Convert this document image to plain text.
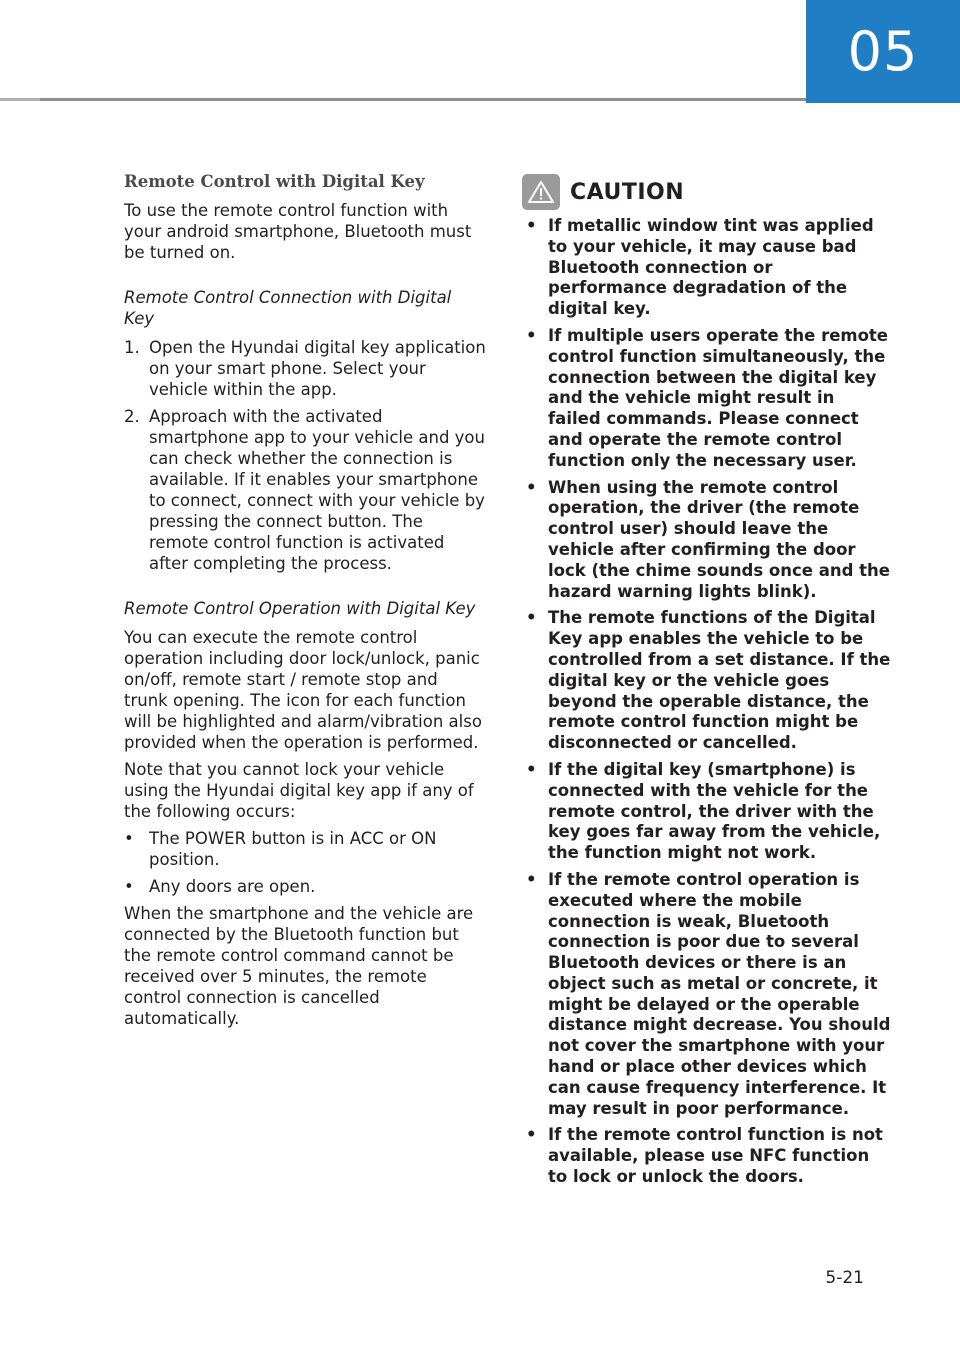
05
Remote Control with Digital Key

To use the remote control function with your android smartphone, Bluetooth must be turned on.

Remote Control Connection with Digital Key
1. Open the Hyundai digital key application on your smart phone. Select your vehicle within the app.
2. Approach with the activated smartphone app to your vehicle and you can check whether the connection is available. If it enables your smartphone to connect, connect with your vehicle by pressing the connect button. The remote control function is activated after completing the process.
Remote Control Operation with Digital Key

You can execute the remote control operation including door lock/unlock, panic on/off, remote start / remote stop and trunk opening. The icon for each function will be highlighted and alarm/vibration also provided when the operation is performed.

Note that you cannot lock your vehicle using the Hyundai digital key app if any of the following occurs:

• The POWER button is in ACC or ON position.
• Any doors are open.

When the smartphone and the vehicle are connected by the Bluetooth function but the remote control command cannot be received over 5 minutes, the remote control connection is cancelled automatically.

CAUTION
• If metallic window tint was applied to your vehicle, it may cause bad Bluetooth connection or performance degradation of the digital key.
• If multiple users operate the remote control function simultaneously, the connection between the digital key and the vehicle might result in failed commands. Please connect and operate the remote control function only the necessary user.
• When using the remote control operation, the driver (the remote control user) should leave the vehicle after confirming the door lock (the chime sounds once and the hazard warning lights blink).
• The remote functions of the Digital Key app enables the vehicle to be controlled from a set distance. If the digital key or the vehicle goes beyond the operable distance, the remote control function might be disconnected or cancelled.
• If the digital key (smartphone) is connected with the vehicle for the remote control, the driver with the key goes far away from the vehicle, the function might not work.
• If the remote control operation is executed where the mobile connection is weak, Bluetooth connection is poor due to several Bluetooth devices or there is an object such as metal or concrete, it might be delayed or the operable distance might decrease. You should not cover the smartphone with your hand or place other devices which can cause frequency interference. It may result in poor performance.
• If the remote control function is not available, please use NFC function to lock or unlock the doors.
5-21
